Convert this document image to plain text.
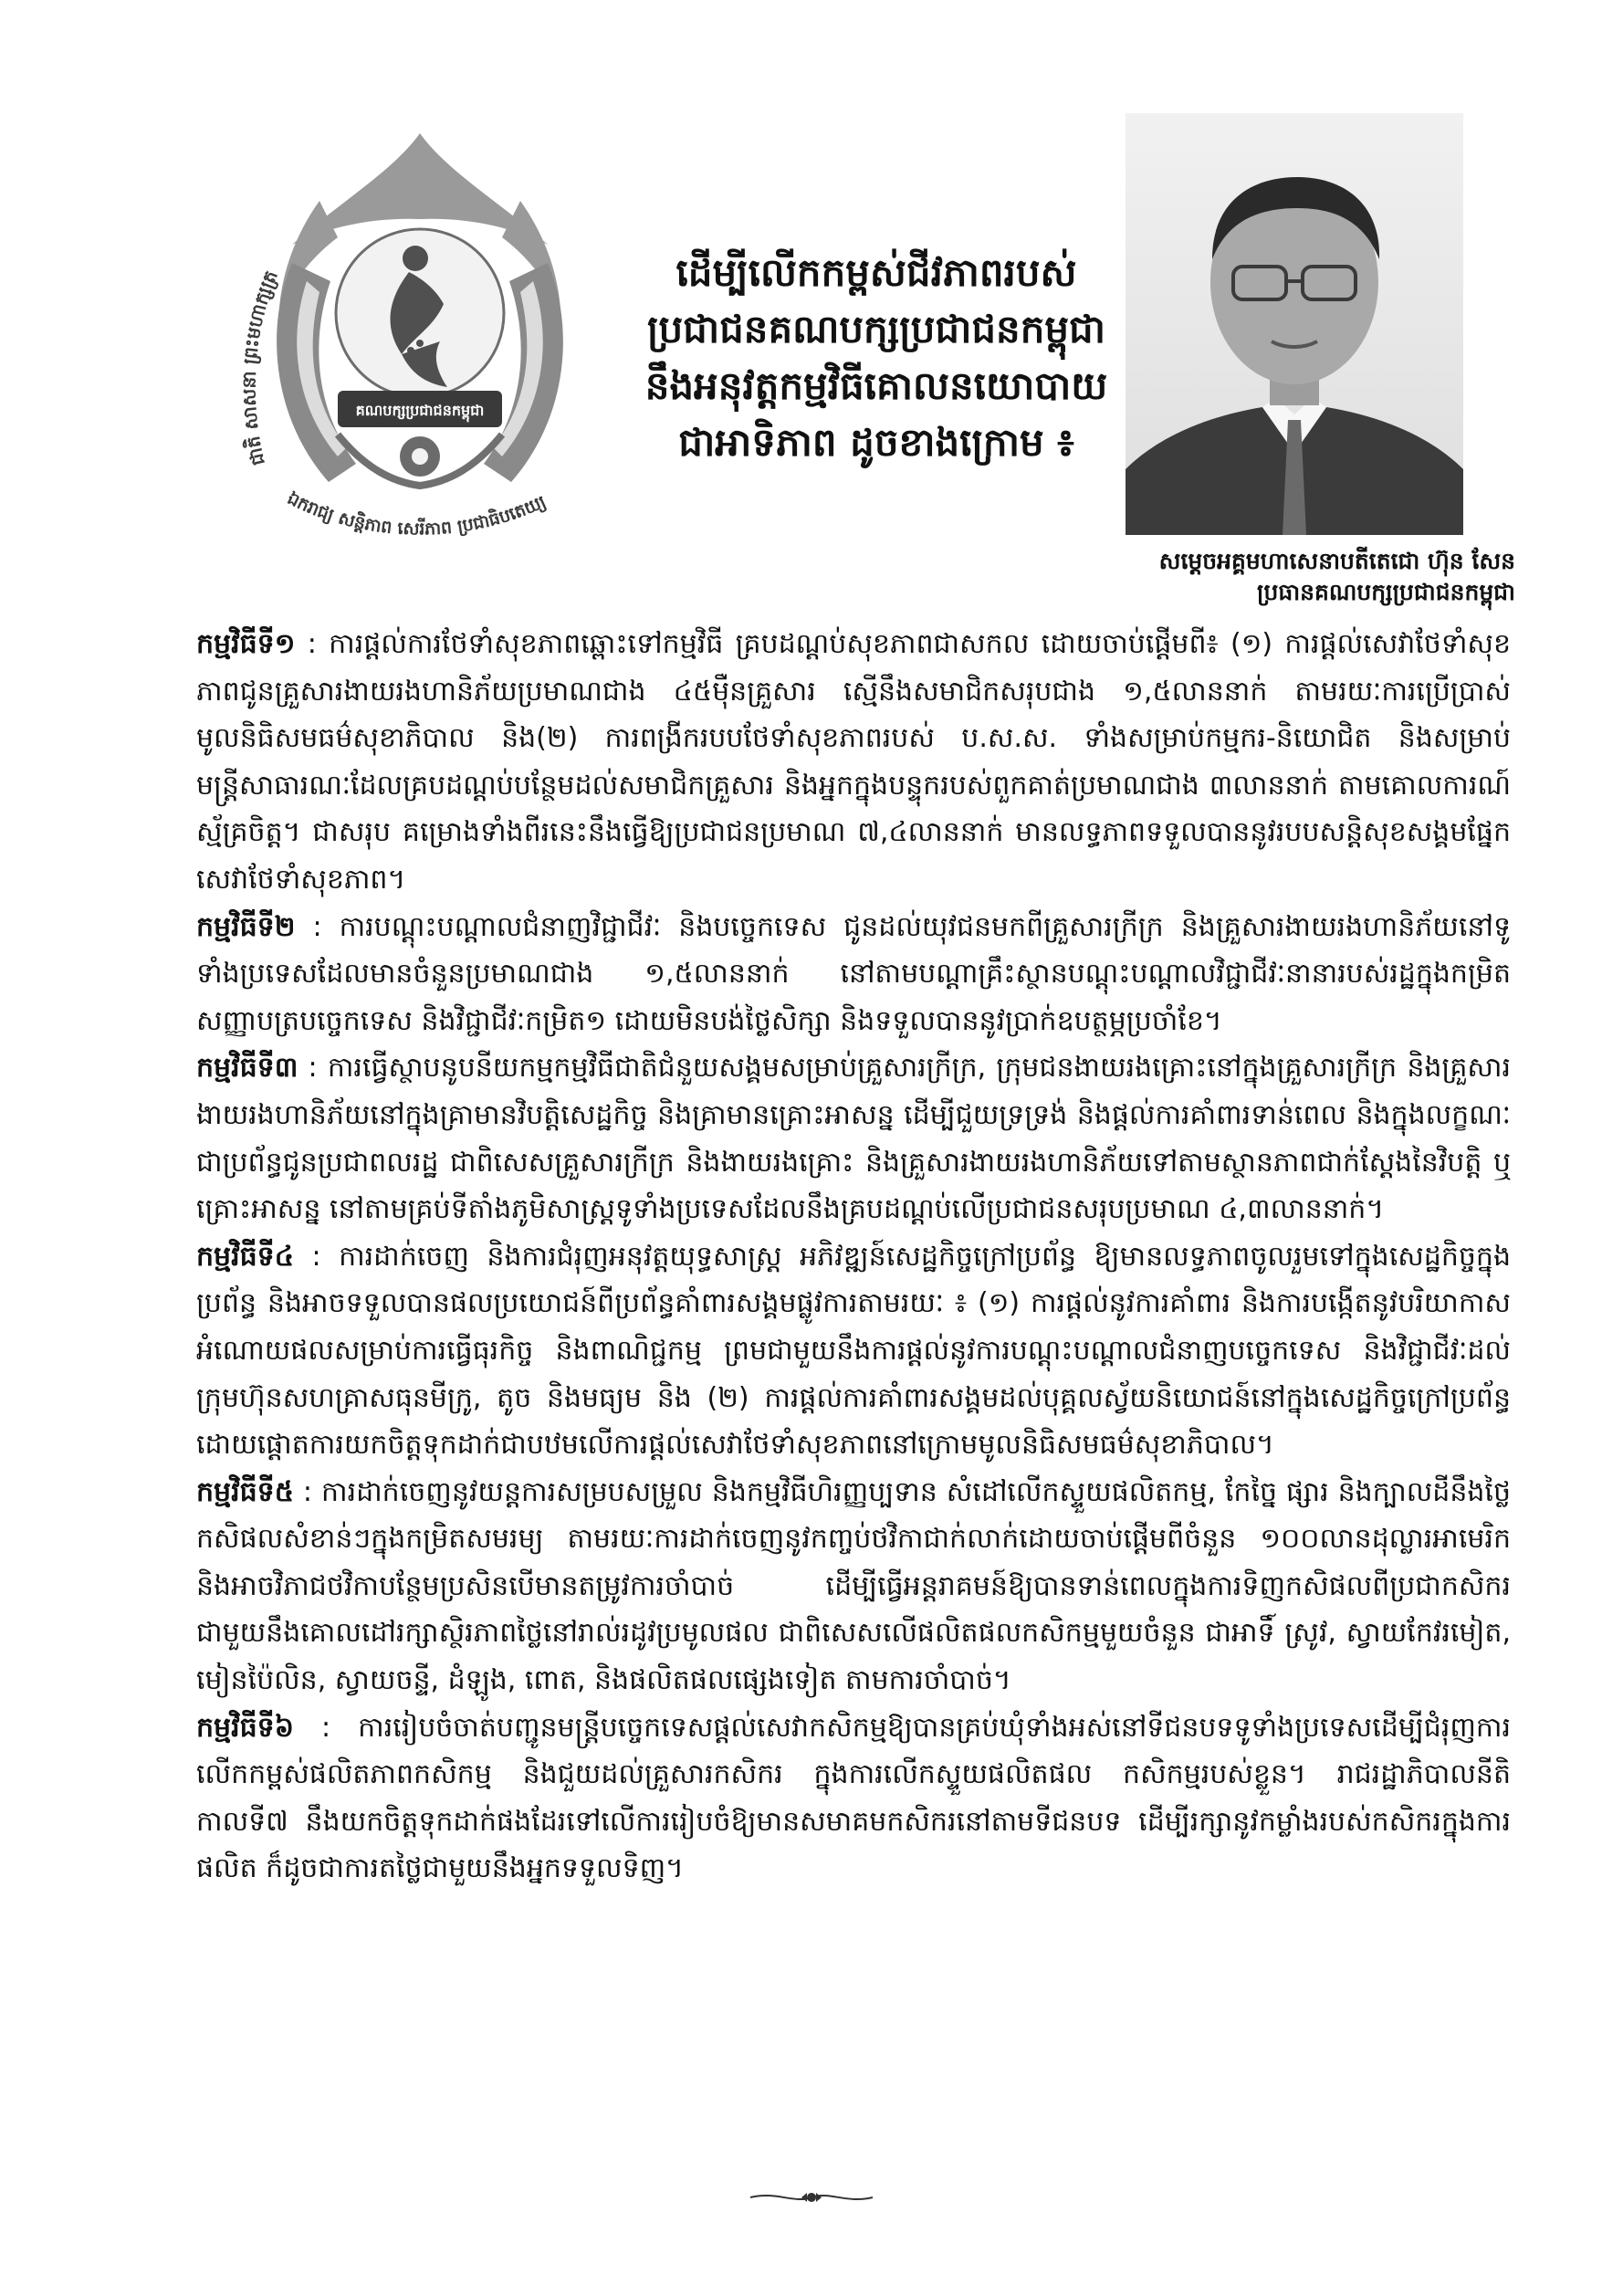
គណបក្សប្រជាជនកម្ពុជា
ជាតិ សាសនា ព្រះមហាក្សត្រ
ឯករាជ្យ សន្តិភាព សេរីភាព ប្រជាធិបតេយ្យ
ដើម្បីលើកកម្ពស់ជីវភាពរបស់
ប្រជាជនគណបក្សប្រជាជនកម្ពុជា
នឹងអនុវត្តកម្មវិធីគោលនយោបាយ
ជាអាទិភាព ដូចខាងក្រោម ៖
សម្តេចអគ្គមហាសេនាបតីតេជោ ហ៊ុន សែន
ប្រធានគណបក្សប្រជាជនកម្ពុជា

កម្មវិធីទី១ : ការផ្តល់ការថែទាំសុខភាពឆ្ពោះទៅកម្មវិធី គ្របដណ្តប់សុខភាពជាសកល ដោយចាប់ផ្តើមពី៖ (១) ការផ្តល់សេវាថែទាំសុខភាពជូនគ្រួសារងាយរងហានិភ័យប្រមាណជាង ៤៥ម៉ឺនគ្រួសារ ស្មើនឹងសមាជិកសរុបជាង ១,៥លាននាក់ តាមរយៈការប្រើប្រាស់មូលនិធិសមធម៌សុខាភិបាល និង(២) ការពង្រីករបបថែទាំសុខភាពរបស់ ប.ស.ស. ទាំងសម្រាប់កម្មករ-និយោជិត និងសម្រាប់មន្ត្រីសាធារណៈដែលគ្របដណ្តប់បន្ថែមដល់សមាជិកគ្រួសារ និងអ្នកក្នុងបន្ទុករបស់ពួកគាត់ប្រមាណជាង ៣លាននាក់ តាមគោលការណ៍ស្ម័គ្រចិត្ត។ ជាសរុប គម្រោងទាំងពីរនេះនឹងធ្វើឱ្យប្រជាជនប្រមាណ ៧,៤លាននាក់ មានលទ្ធភាពទទួលបាននូវរបបសន្តិសុខសង្គមផ្នែកសេវាថែទាំសុខភាព។

កម្មវិធីទី២ : ការបណ្តុះបណ្តាលជំនាញវិជ្ជាជីវៈ និងបច្ចេកទេស ជូនដល់យុវជនមកពីគ្រួសារក្រីក្រ និងគ្រួសារងាយរងហានិភ័យនៅទូទាំងប្រទេសដែលមានចំនួនប្រមាណជាង ១,៥លាននាក់ នៅតាមបណ្តាគ្រឹះស្ថានបណ្តុះបណ្តាលវិជ្ជាជីវៈនានារបស់រដ្ឋក្នុងកម្រិតសញ្ញាបត្របច្ចេកទេស និងវិជ្ជាជីវៈកម្រិត១ ដោយមិនបង់ថ្លៃសិក្សា និងទទួលបាននូវប្រាក់ឧបត្ថម្ភប្រចាំខែ។

កម្មវិធីទី៣ : ការធ្វើស្ថាបនូបនីយកម្មកម្មវិធីជាតិជំនួយសង្គមសម្រាប់គ្រួសារក្រីក្រ, ក្រុមជនងាយរងគ្រោះនៅក្នុងគ្រួសារក្រីក្រ និងគ្រួសារងាយរងហានិភ័យនៅក្នុងគ្រាមានវិបត្តិសេដ្ឋកិច្ច និងគ្រាមានគ្រោះអាសន្ន ដើម្បីជួយទ្រទ្រង់ និងផ្តល់ការគាំពារទាន់ពេល និងក្នុងលក្ខណៈជាប្រព័ន្ធជូនប្រជាពលរដ្ឋ ជាពិសេសគ្រួសារក្រីក្រ និងងាយរងគ្រោះ និងគ្រួសារងាយរងហានិភ័យទៅតាមស្ថានភាពជាក់ស្តែងនៃវិបត្តិ ឬគ្រោះអាសន្ន នៅតាមគ្រប់ទីតាំងភូមិសាស្ត្រទូទាំងប្រទេសដែលនឹងគ្របដណ្តប់លើប្រជាជនសរុបប្រមាណ ៤,៣លាននាក់។

កម្មវិធីទី៤ : ការដាក់ចេញ និងការជំរុញអនុវត្តយុទ្ធសាស្ត្រ អភិវឌ្ឍន៍សេដ្ឋកិច្ចក្រៅប្រព័ន្ធ ឱ្យមានលទ្ធភាពចូលរួមទៅក្នុងសេដ្ឋកិច្ចក្នុងប្រព័ន្ធ និងអាចទទួលបានផលប្រយោជន៍ពីប្រព័ន្ធគាំពារសង្គមផ្លូវការតាមរយៈ ៖ (១) ការផ្តល់នូវការគាំពារ និងការបង្កើតនូវបរិយាកាសអំណោយផលសម្រាប់ការធ្វើធុរកិច្ច និងពាណិជ្ជកម្ម ព្រមជាមួយនឹងការផ្តល់នូវការបណ្តុះបណ្តាលជំនាញបច្ចេកទេស និងវិជ្ជាជីវៈដល់ក្រុមហ៊ុនសហគ្រាសធុនមីក្រូ, តូច និងមធ្យម និង (២) ការផ្តល់ការគាំពារសង្គមដល់បុគ្គលស្វ័យនិយោជន៍នៅក្នុងសេដ្ឋកិច្ចក្រៅប្រព័ន្ធ ដោយផ្តោតការយកចិត្តទុកដាក់ជាបឋមលើការផ្តល់សេវាថែទាំសុខភាពនៅក្រោមមូលនិធិសមធម៌សុខាភិបាល។

កម្មវិធីទី៥ : ការដាក់ចេញនូវយន្តការសម្របសម្រួល និងកម្មវិធីហិរញ្ញប្បទាន សំដៅលើកស្ទួយផលិតកម្ម, កែច្នៃ ផ្សារ និងក្បាលដីនឹងថ្លៃកសិផលសំខាន់ៗក្នុងកម្រិតសមរម្យ តាមរយៈការដាក់ចេញនូវកញ្ចប់ថវិកាជាក់លាក់ដោយចាប់ផ្តើមពីចំនួន ១០០លានដុល្លារអាមេរិក និងអាចវិភាជថវិកាបន្ថែមប្រសិនបើមានតម្រូវការចាំបាច់ ដើម្បីធ្វើអន្តរាគមន៍ឱ្យបានទាន់ពេលក្នុងការទិញកសិផលពីប្រជាកសិករ ជាមួយនឹងគោលដៅរក្សាស្ថិរភាពថ្លៃនៅរាល់រដូវប្រមូលផល ជាពិសេសលើផលិតផលកសិកម្មមួយចំនួន ជាអាទិ៍ ស្រូវ, ស្វាយកែវរមៀត, មៀនប៉ៃលិន, ស្វាយចន្ទី, ដំឡូង, ពោត, និងផលិតផលផ្សេងទៀត តាមការចាំបាច់។

កម្មវិធីទី៦ : ការរៀបចំចាត់បញ្ជូនមន្ត្រីបច្ចេកទេសផ្តល់សេវាកសិកម្មឱ្យបានគ្រប់ឃុំទាំងអស់នៅទីជនបទទូទាំងប្រទេសដើម្បីជំរុញការលើកកម្ពស់ផលិតភាពកសិកម្ម និងជួយដល់គ្រួសារកសិករ ក្នុងការលើកស្ទួយផលិតផល កសិកម្មរបស់ខ្លួន។ រាជរដ្ឋាភិបាលនីតិកាលទី៧ នឹងយកចិត្តទុកដាក់ផងដែរទៅលើការរៀបចំឱ្យមានសមាគមកសិករនៅតាមទីជនបទ ដើម្បីរក្សានូវកម្លាំងរបស់កសិករក្នុងការផលិត ក៏ដូចជាការតថ្លៃជាមួយនឹងអ្នកទទួលទិញ។
